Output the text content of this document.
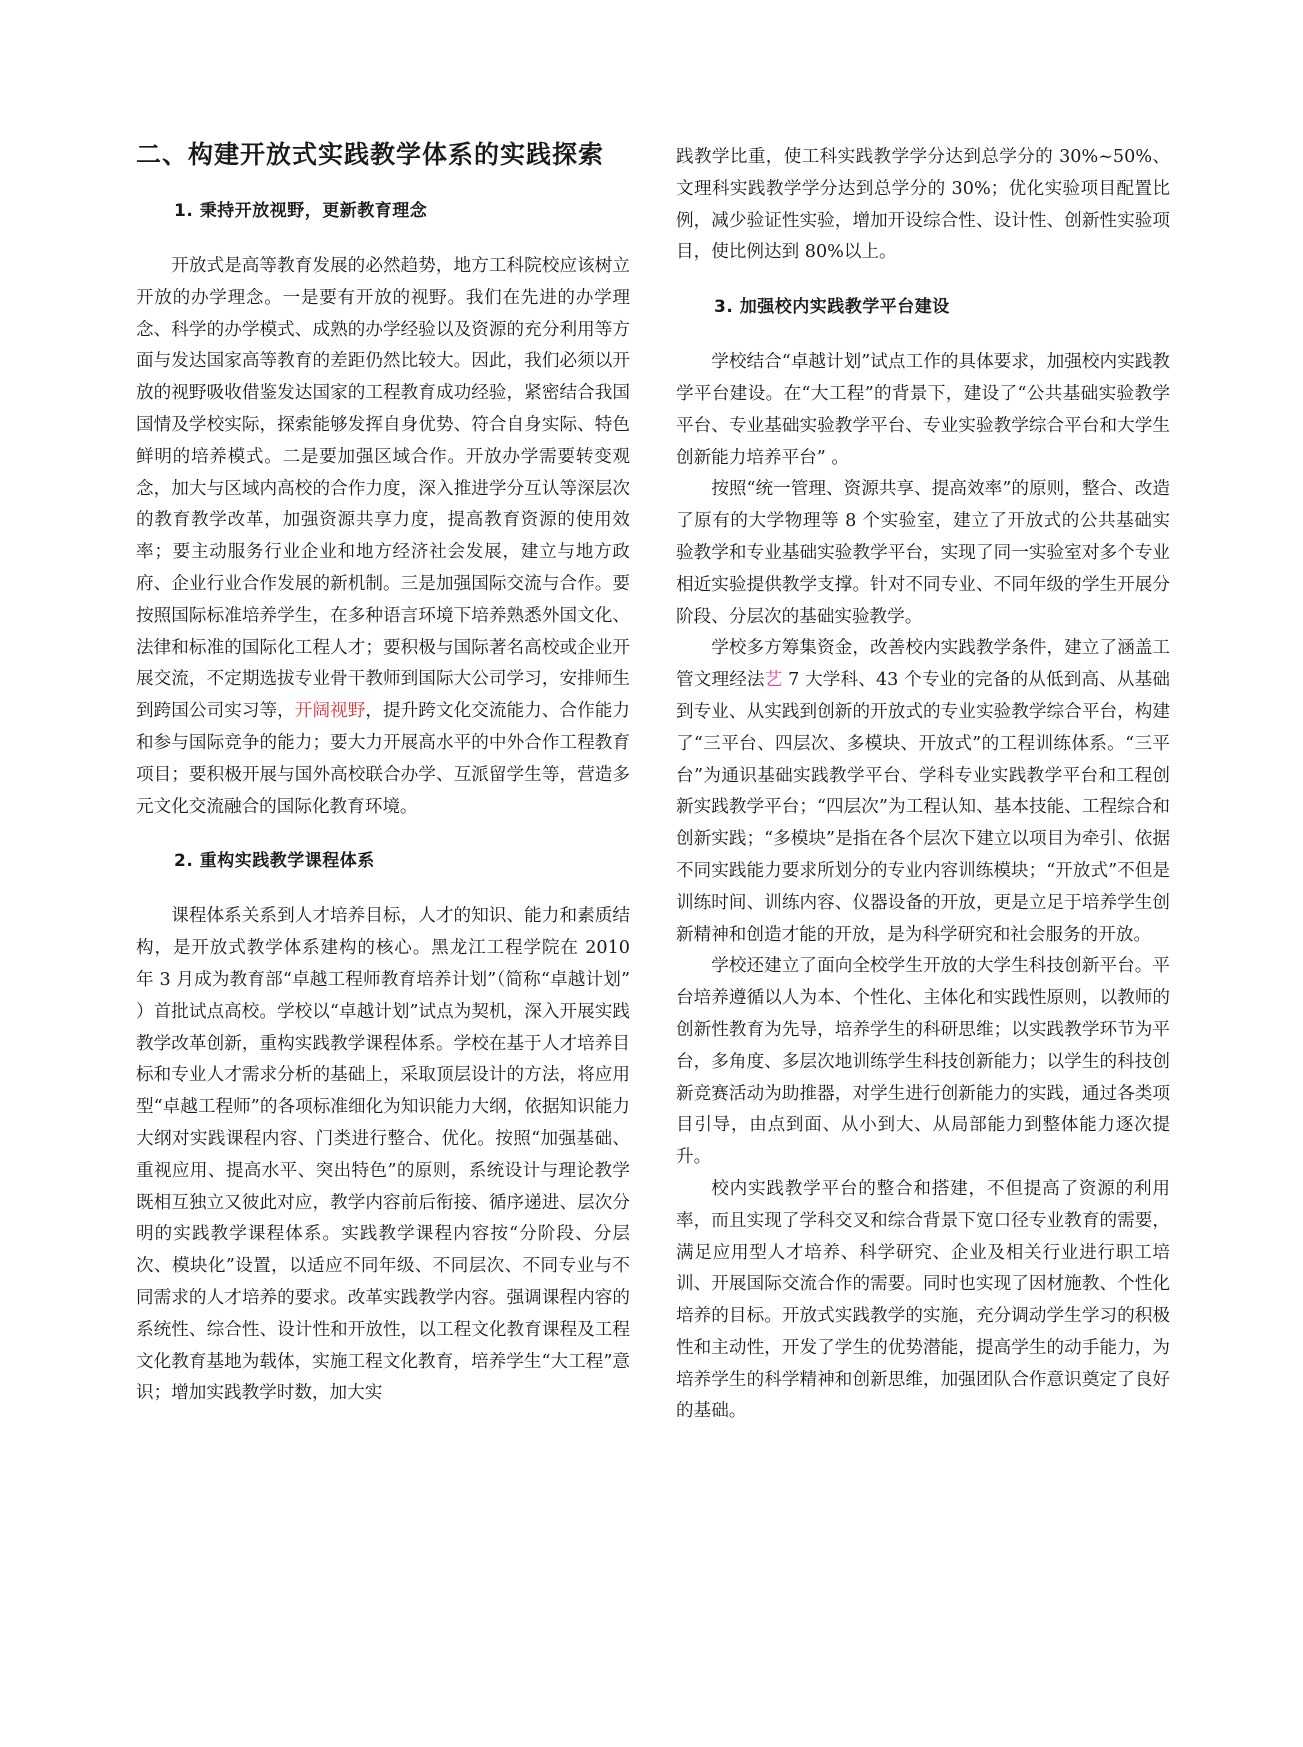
二、构建开放式实践教学体系的实践探索
1. 秉持开放视野，更新教育理念

开放式是高等教育发展的必然趋势，地方工科院校应该树立开放的办学理念。一是要有开放的视野。我们在先进的办学理念、科学的办学模式、成熟的办学经验以及资源的充分利用等方面与发达国家高等教育的差距仍然比较大。因此，我们必须以开放的视野吸收借鉴发达国家的工程教育成功经验，紧密结合我国国情及学校实际，探索能够发挥自身优势、符合自身实际、特色鲜明的培养模式。二是要加强区域合作。开放办学需要转变观念，加大与区域内高校的合作力度，深入推进学分互认等深层次的教育教学改革，加强资源共享力度，提高教育资源的使用效率；要主动服务行业企业和地方经济社会发展，建立与地方政府、企业行业合作发展的新机制。三是加强国际交流与合作。要按照国际标准培养学生，在多种语言环境下培养熟悉外国文化、法律和标准的国际化工程人才；要积极与国际著名高校或企业开展交流，不定期选拔专业骨干教师到国际大公司学习，安排师生到跨国公司实习等，开阔视野，提升跨文化交流能力、合作能力和参与国际竞争的能力；要大力开展高水平的中外合作工程教育项目；要积极开展与国外高校联合办学、互派留学生等，营造多元文化交流融合的国际化教育环境。

2. 重构实践教学课程体系

课程体系关系到人才培养目标，人才的知识、能力和素质结构，是开放式教学体系建构的核心。黑龙江工程学院在 2010 年 3 月成为教育部“卓越工程师教育培养计划”（简称“卓越计划” ）首批试点高校。学校以“卓越计划”试点为契机，深入开展实践教学改革创新，重构实践教学课程体系。学校在基于人才培养目标和专业人才需求分析的基础上，采取顶层设计的方法，将应用型“卓越工程师”的各项标准细化为知识能力大纲，依据知识能力大纲对实践课程内容、门类进行整合、优化。按照“加强基础、重视应用、提高水平、突出特色”的原则，系统设计与理论教学既相互独立又彼此对应，教学内容前后衔接、循序递进、层次分明的实践教学课程体系。实践教学课程内容按“分阶段、分层次、模块化”设置，以适应不同年级、不同层次、不同专业与不同需求的人才培养的要求。改革实践教学内容。强调课程内容的系统性、综合性、设计性和开放性，以工程文化教育课程及工程文化教育基地为载体，实施工程文化教育，培养学生“大工程”意识；增加实践教学时数，加大实

践教学比重，使工科实践教学学分达到总学分的 30%~50%、文理科实践教学学分达到总学分的 30%；优化实验项目配置比例，减少验证性实验，增加开设综合性、设计性、创新性实验项目，使比例达到 80%以上。

3. 加强校内实践教学平台建设

学校结合“卓越计划”试点工作的具体要求，加强校内实践教学平台建设。在“大工程”的背景下，建设了“公共基础实验教学平台、专业基础实验教学平台、专业实验教学综合平台和大学生创新能力培养平台” 。

按照“统一管理、资源共享、提高效率”的原则，整合、改造了原有的大学物理等 8 个实验室，建立了开放式的公共基础实验教学和专业基础实验教学平台，实现了同一实验室对多个专业相近实验提供教学支撑。针对不同专业、不同年级的学生开展分阶段、分层次的基础实验教学。

学校多方筹集资金，改善校内实践教学条件，建立了涵盖工管文理经法艺 7 大学科、43 个专业的完备的从低到高、从基础到专业、从实践到创新的开放式的专业实验教学综合平台，构建了“三平台、四层次、多模块、开放式”的工程训练体系。“三平台”为通识基础实践教学平台、学科专业实践教学平台和工程创新实践教学平台；“四层次”为工程认知、基本技能、工程综合和创新实践；“多模块”是指在各个层次下建立以项目为牵引、依据不同实践能力要求所划分的专业内容训练模块；“开放式”不但是训练时间、训练内容、仪器设备的开放，更是立足于培养学生创新精神和创造才能的开放，是为科学研究和社会服务的开放。

学校还建立了面向全校学生开放的大学生科技创新平台。平台培养遵循以人为本、个性化、主体化和实践性原则，以教师的创新性教育为先导，培养学生的科研思维；以实践教学环节为平台，多角度、多层次地训练学生科技创新能力；以学生的科技创新竞赛活动为助推器，对学生进行创新能力的实践，通过各类项目引导，由点到面、从小到大、从局部能力到整体能力逐次提升。

校内实践教学平台的整合和搭建，不但提高了资源的利用率，而且实现了学科交叉和综合背景下宽口径专业教育的需要，满足应用型人才培养、科学研究、企业及相关行业进行职工培训、开展国际交流合作的需要。同时也实现了因材施教、个性化培养的目标。开放式实践教学的实施，充分调动学生学习的积极性和主动性，开发了学生的优势潜能，提高学生的动手能力，为培养学生的科学精神和创新思维，加强团队合作意识奠定了良好的基础。
